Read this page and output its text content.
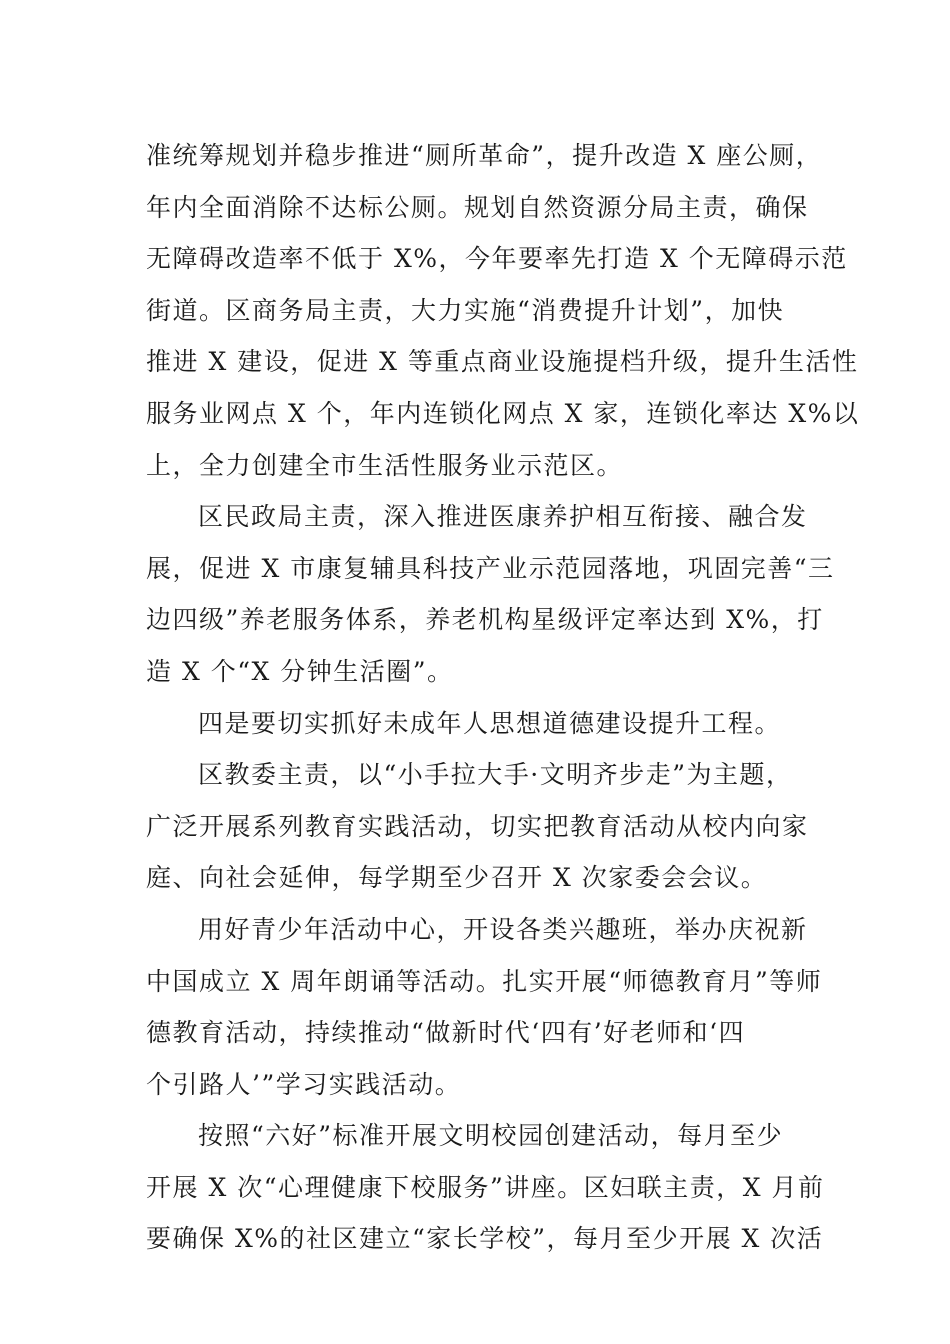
准统筹规划并稳步推进“厕所革命”，提升改造 X 座公厕，
年内全面消除不达标公厕。规划自然资源分局主责，确保
无障碍改造率不低于 X%，今年要率先打造 X 个无障碍示范
街道。区商务局主责，大力实施“消费提升计划”，加快
推进 X 建设，促进 X 等重点商业设施提档升级，提升生活性
服务业网点 X 个，年内连锁化网点 X 家，连锁化率达 X%以
上，全力创建全市生活性服务业示范区。
区民政局主责，深入推进医康养护相互衔接、融合发
展，促进 X 市康复辅具科技产业示范园落地，巩固完善“三
边四级”养老服务体系，养老机构星级评定率达到 X%，打
造 X 个“X 分钟生活圈”。
四是要切实抓好未成年人思想道德建设提升工程。
区教委主责，以“小手拉大手·文明齐步走”为主题，
广泛开展系列教育实践活动，切实把教育活动从校内向家
庭、向社会延伸，每学期至少召开 X 次家委会会议。
用好青少年活动中心，开设各类兴趣班，举办庆祝新
中国成立 X 周年朗诵等活动。扎实开展“师德教育月”等师
德教育活动，持续推动“做新时代‘四有’好老师和‘四
个引路人’”学习实践活动。
按照“六好”标准开展文明校园创建活动，每月至少
开展 X 次“心理健康下校服务”讲座。区妇联主责，X 月前
要确保 X%的社区建立“家长学校”，每月至少开展 X 次活
